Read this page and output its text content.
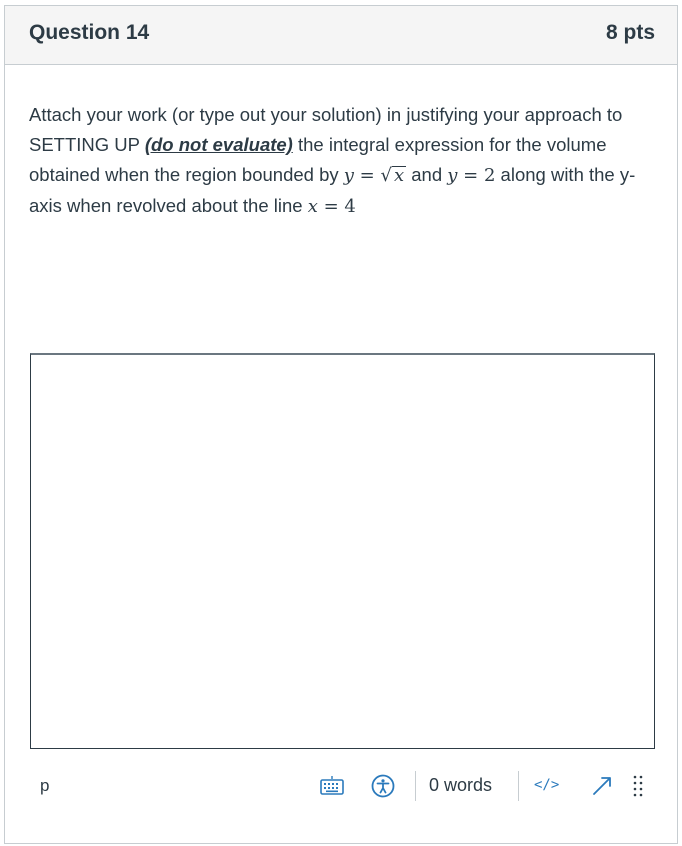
Question 14	8 pts
Attach your work (or type out your solution) in justifying your approach to SETTING UP (do not evaluate) the integral expression for the volume obtained when the region bounded by y = √ x and y = 2 along with the y-axis when revolved about the line x = 4
p	0 words	</>
